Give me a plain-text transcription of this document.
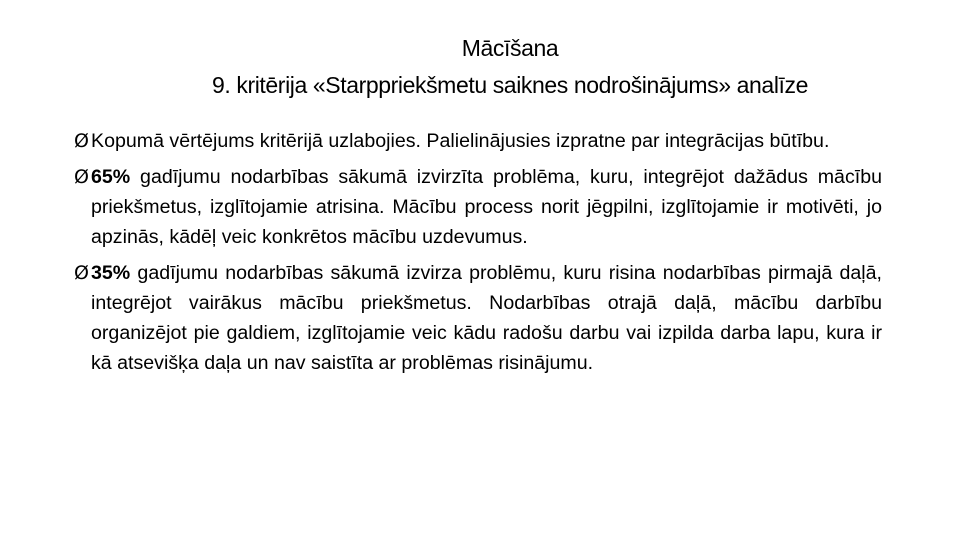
Mācīšana
9. kritērija «Starppriekšmetu saiknes nodrošinājums» analīze
Ø Kopumā vērtējums kritērijā uzlabojies. Palielinājusies izpratne par integrācijas būtību.
Ø 65% gadījumu nodarbības sākumā izvirzīta problēma, kuru, integrējot dažādus mācību priekšmetus, izglītojamie atrisina. Mācību process norit jēgpilni, izglītojamie ir motivēti, jo apzinās, kādēļ veic konkrētos mācību uzdevumus.
Ø 35% gadījumu nodarbības sākumā izvirza problēmu, kuru risina nodarbības pirmajā daļā, integrējot vairākus mācību priekšmetus. Nodarbības otrajā daļā, mācību darbību organizējot pie galdiem, izglītojamie veic kādu radošu darbu vai izpilda darba lapu, kura ir kā atsevišķa daļa un nav saistīta ar problēmas risinājumu.
